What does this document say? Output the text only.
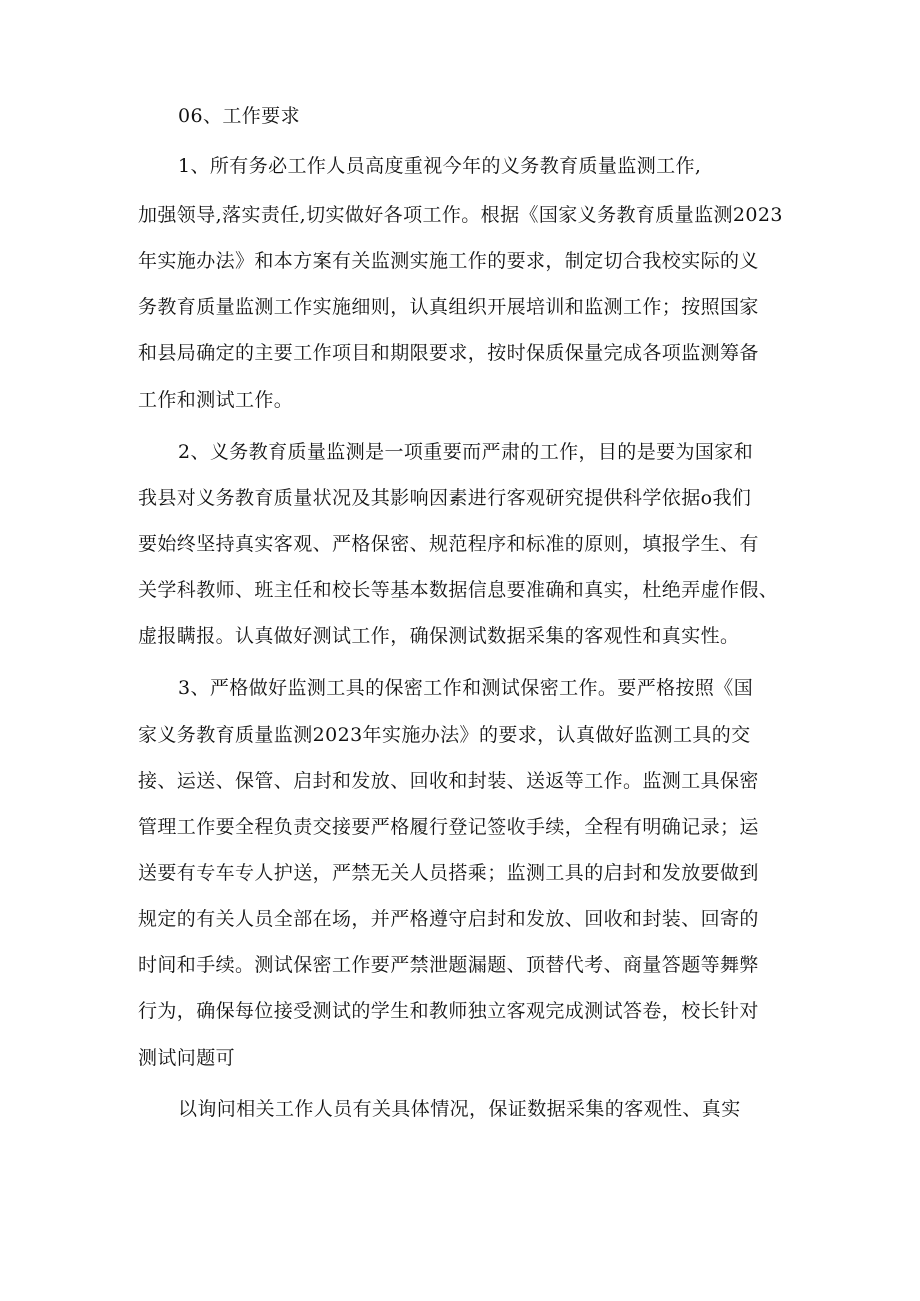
06、工作要求
1、所有务必工作人员高度重视今年的义务教育质量监测工作,
加强领导,落实责任,切实做好各项工作。根据《国家义务教育质量监测2023
年实施办法》和本方案有关监测实施工作的要求，制定切合我校实际的义
务教育质量监测工作实施细则，认真组织开展培训和监测工作；按照国家
和县局确定的主要工作项目和期限要求，按时保质保量完成各项监测筹备
工作和测试工作。
2、义务教育质量监测是一项重要而严肃的工作，目的是要为国家和
我县对义务教育质量状况及其影响因素进行客观研究提供科学依据o我们
要始终坚持真实客观、严格保密、规范程序和标准的原则，填报学生、有
关学科教师、班主任和校长等基本数据信息要准确和真实，杜绝弄虚作假、
虚报瞒报。认真做好测试工作，确保测试数据采集的客观性和真实性。
3、严格做好监测工具的保密工作和测试保密工作。要严格按照《国
家义务教育质量监测2023年实施办法》的要求，认真做好监测工具的交
接、运送、保管、启封和发放、回收和封装、送返等工作。监测工具保密
管理工作要全程负责交接要严格履行登记签收手续，全程有明确记录；运
送要有专车专人护送，严禁无关人员搭乘；监测工具的启封和发放要做到
规定的有关人员全部在场，并严格遵守启封和发放、回收和封装、回寄的
时间和手续。测试保密工作要严禁泄题漏题、顶替代考、商量答题等舞弊
行为，确保每位接受测试的学生和教师独立客观完成测试答卷，校长针对
测试问题可
以询问相关工作人员有关具体情况，保证数据采集的客观性、真实
